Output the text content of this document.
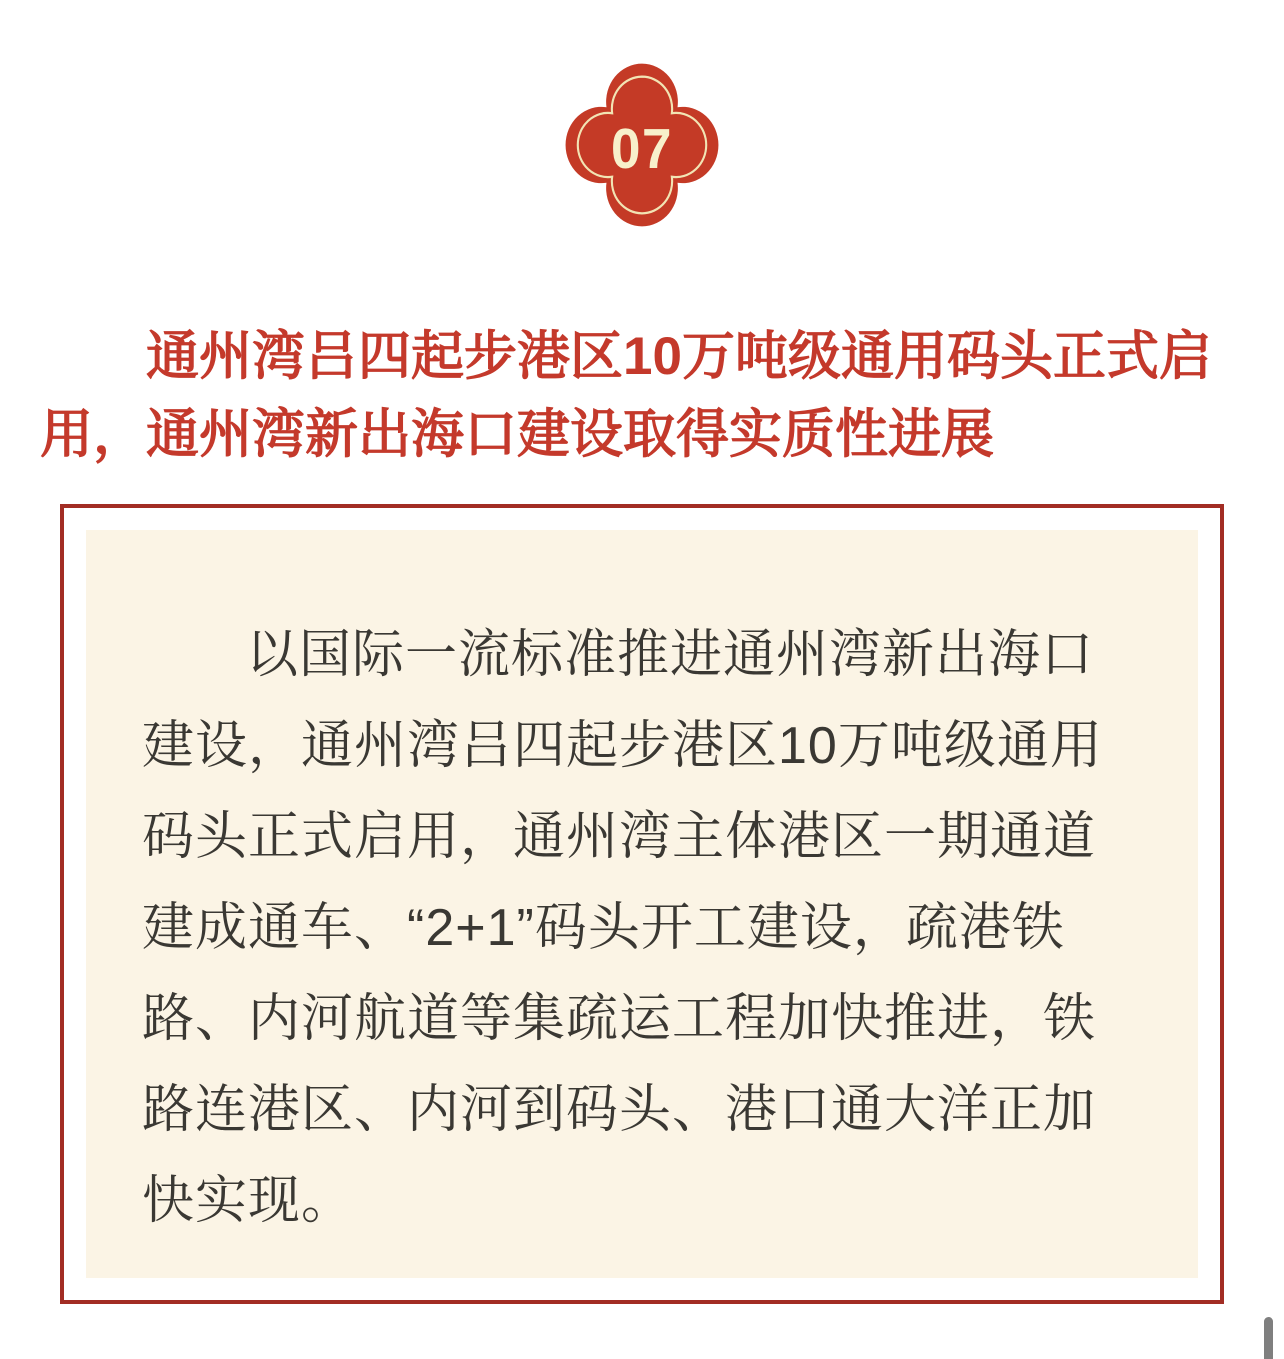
07
通州湾吕四起步港区10万吨级通用码头正式启用，通州湾新出海口建设取得实质性进展

以国际一流标准推进通州湾新出海口建设，通州湾吕四起步港区10万吨级通用码头正式启用，通州湾主体港区一期通道建成通车、“2+1”码头开工建设，疏港铁路、内河航道等集疏运工程加快推进，铁路连港区、内河到码头、港口通大洋正加快实现。
